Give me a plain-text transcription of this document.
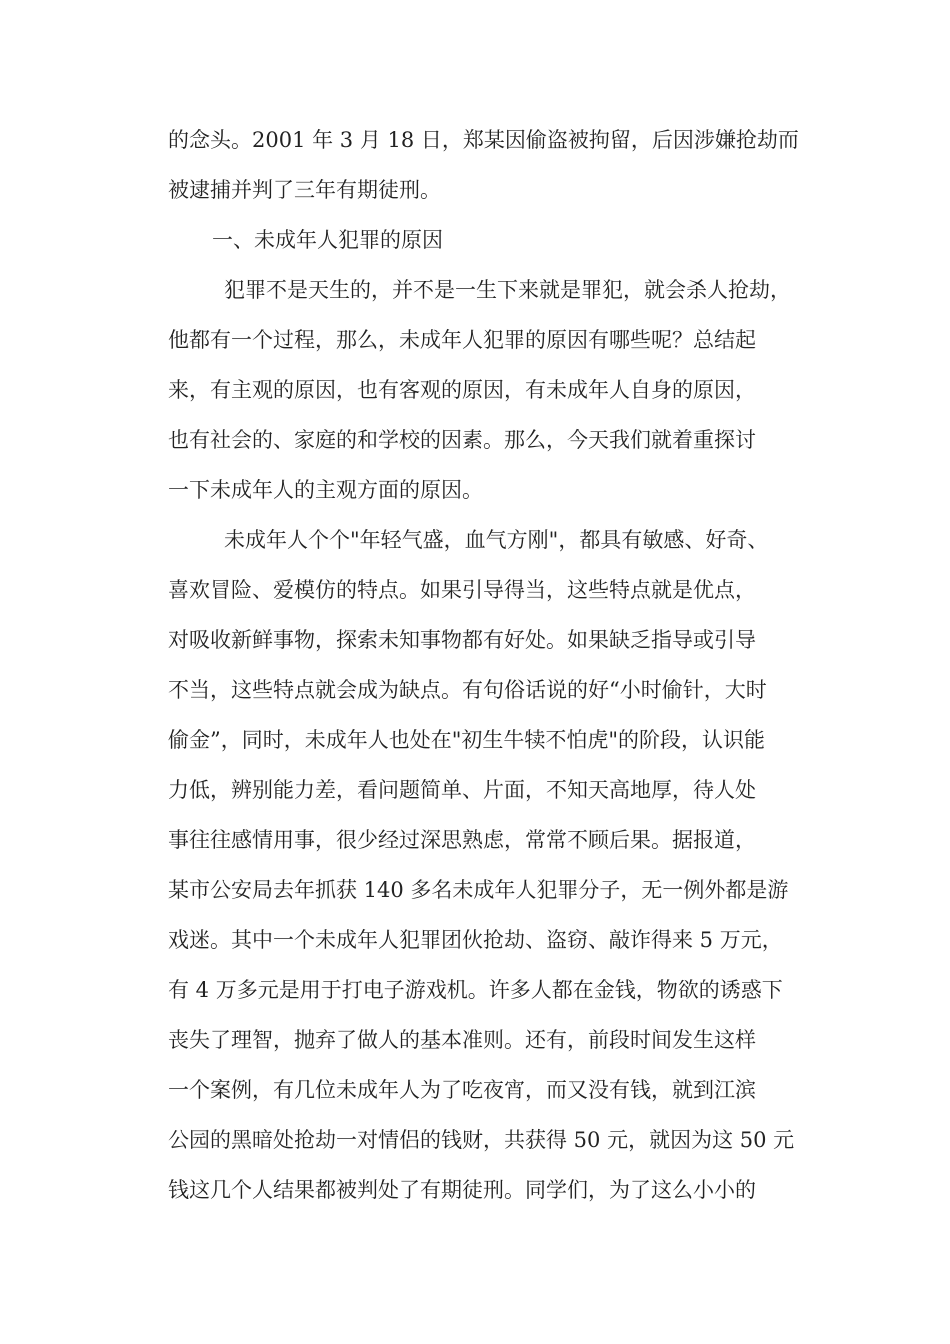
的念头。2001 年 3 月 18 日，郑某因偷盗被拘留，后因涉嫌抢劫而
被逮捕并判了三年有期徒刑。
一、未成年人犯罪的原因
犯罪不是天生的，并不是一生下来就是罪犯，就会杀人抢劫，
他都有一个过程，那么，未成年人犯罪的原因有哪些呢？总结起
来，有主观的原因，也有客观的原因，有未成年人自身的原因，
也有社会的、家庭的和学校的因素。那么，今天我们就着重探讨
一下未成年人的主观方面的原因。
未成年人个个"年轻气盛，血气方刚"，都具有敏感、好奇、
喜欢冒险、爱模仿的特点。如果引导得当，这些特点就是优点，
对吸收新鲜事物，探索未知事物都有好处。如果缺乏指导或引导
不当，这些特点就会成为缺点。有句俗话说的好“小时偷针，大时
偷金”，同时，未成年人也处在"初生牛犊不怕虎"的阶段，认识能
力低，辨别能力差，看问题简单、片面，不知天高地厚，待人处
事往往感情用事，很少经过深思熟虑，常常不顾后果。据报道，
某市公安局去年抓获 140 多名未成年人犯罪分子，无一例外都是游
戏迷。其中一个未成年人犯罪团伙抢劫、盗窃、敲诈得来 5 万元，
有 4 万多元是用于打电子游戏机。许多人都在金钱，物欲的诱惑下
丧失了理智，抛弃了做人的基本准则。还有，前段时间发生这样
一个案例，有几位未成年人为了吃夜宵，而又没有钱，就到江滨
公园的黑暗处抢劫一对情侣的钱财，共获得 50 元，就因为这 50 元
钱这几个人结果都被判处了有期徒刑。同学们，为了这么小小的
